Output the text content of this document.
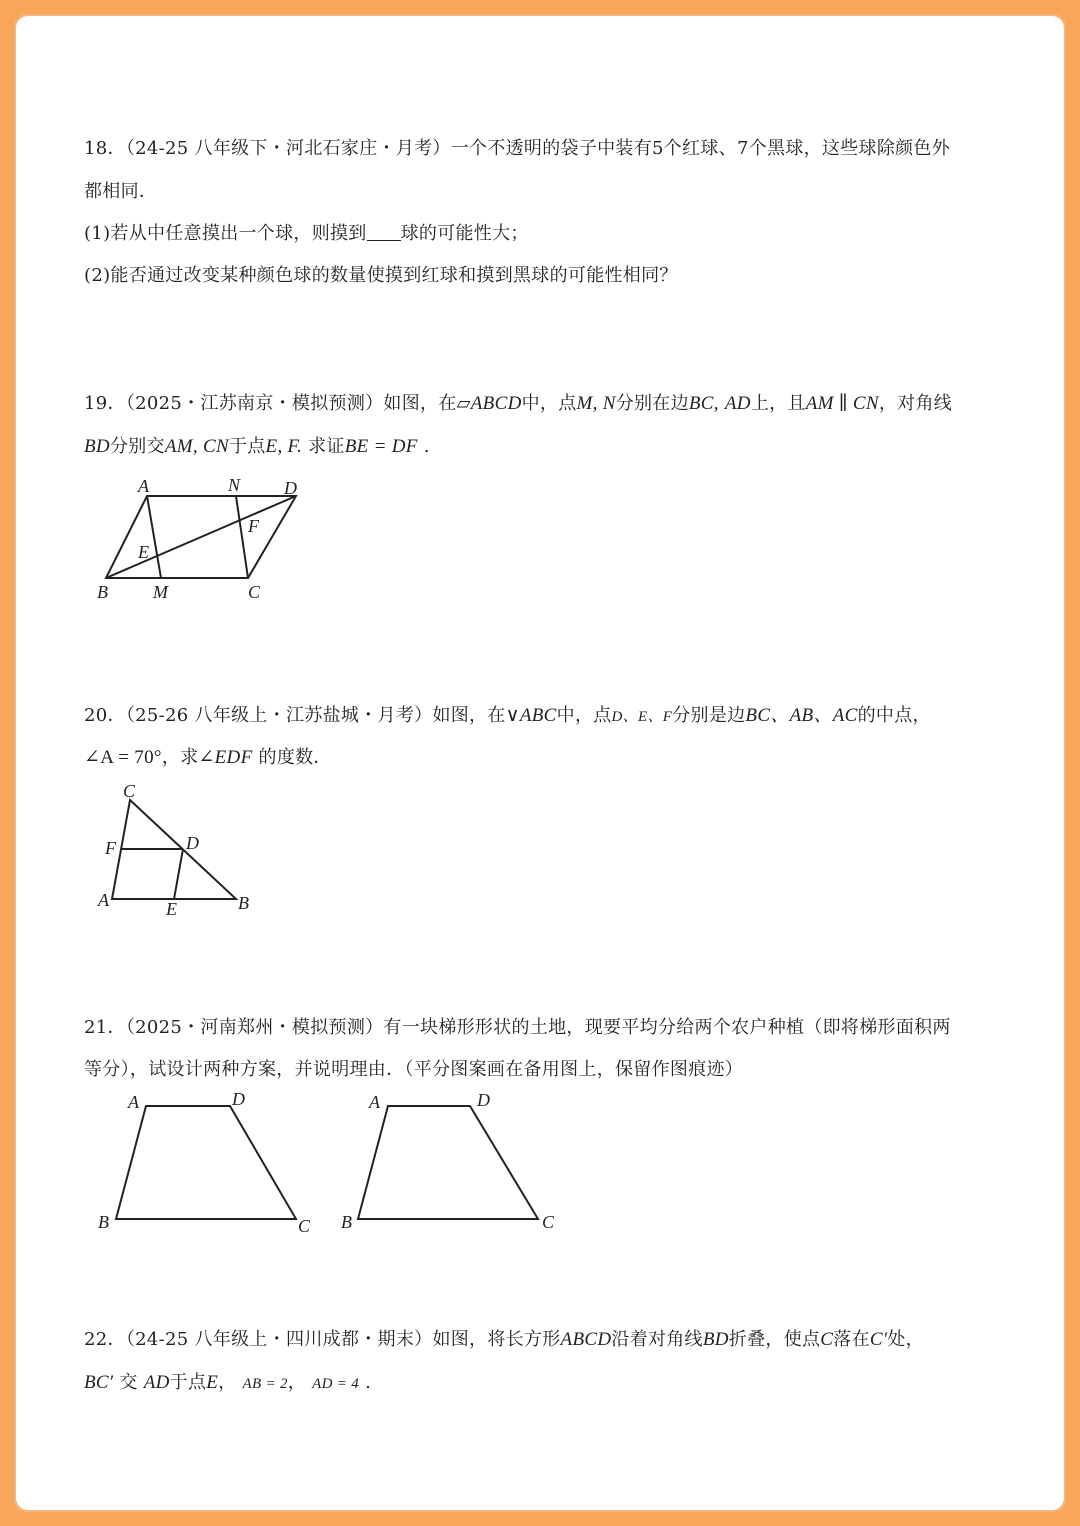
18．（24-25 八年级下・河北石家庄・月考）一个不透明的袋子中装有5个红球、7个黑球，这些球除颜色外
都相同．
(1)若从中任意摸出一个球，则摸到 球的可能性大；
(2)能否通过改变某种颜色球的数量使摸到红球和摸到黑球的可能性相同？
19．（2025・江苏南京・模拟预测）如图，在▱ABCD中，点M, N分别在边BC, AD上，且AM ∥ CN，对角线
BD分别交AM, CN于点E, F. 求证BE = DF .
A	N D
F
E
B	M	C
20．（25-26 八年级上・江苏盐城・月考）如图，在∨ABC中，点D、E、F分别是边BC、AB、AC的中点，
∠A = 70°，求∠EDF 的度数．
C
F	D
A	E	B
21．（2025・河南郑州・模拟预测）有一块梯形形状的土地，现要平均分给两个农户种植（即将梯形面积两
等分），试设计两种方案，并说明理由．（平分图案画在备用图上，保留作图痕迹）
A	D
B	C
A	D
B	C
22．（24-25 八年级上・四川成都・期末）如图，将长方形ABCD沿着对角线BD折叠，使点C落在C′处，
BC′ 交 AD于点E， AB = 2， AD = 4 .
